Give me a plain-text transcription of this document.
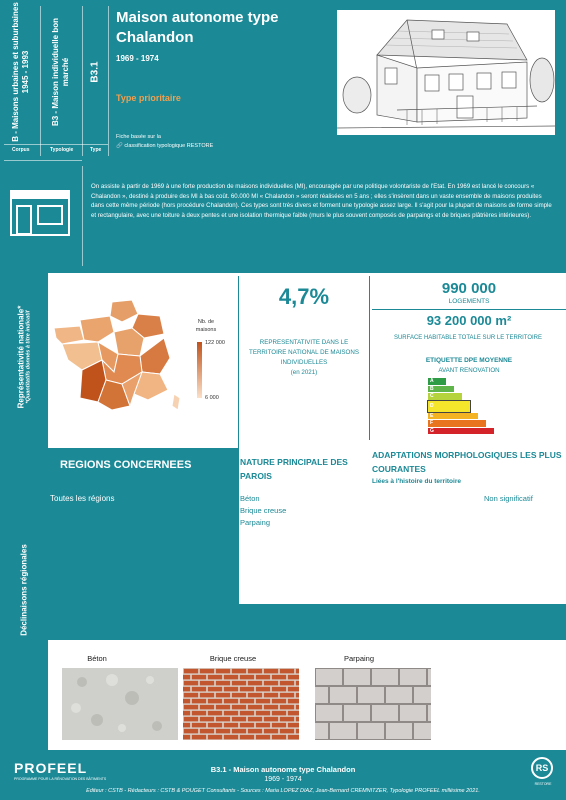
B - Maisons urbaines et suburbaines 1945 - 1993	B3 - Maison individuelle bon marché B3.1
Corpus	Typologie	Type
Maison autonome type Chalandon
1969 - 1974
Type prioritaire
Fiche basée sur la
🔗 classification typologique RESTORE
On assiste à partir de 1969 à une forte production de maisons individuelles (MI), encouragée par une politique volontariste de l'Etat. En 1969 est lancé le concours « Chalandon », destiné à produire des MI à bas coût. 60.000 MI « Chalandon » seront réalisées en 5 ans ; elles s'insèrent dans un vaste ensemble de maisons produites dans cette même période (hors procédure Chalandon). Ces types sont très divers et forment une typologie assez large. Il s'agit pour la plupart de maisons de forme simple et rectangulaire, avec une toiture à deux pentes et une isolation thermique faible (murs le plus souvent composés de parpaings et de briques plâtrières intérieures).
Représentativité nationale* *Quantitatifs donnés à titre indicatif	Nb. de maisons
122 000
6 000
4,7%
REPRESENTATIVITE DANS LE TERRITOIRE NATIONAL DE MAISONS INDIVIDUELLES
(en 2021)
990 000
LOGEMENTS
93 200 000 m²
SURFACE HABITABLE TOTALE SUR LE TERRITOIRE
ETIQUETTE DPE MOYENNE
AVANT RENOVATION
A
B
C
D
E
F
G
Déclinaisons régionales
REGIONS CONCERNEES
Toutes les régions
NATURE PRINCIPALE DES PAROIS
Béton
Brique creuse
Parpaing
ADAPTATIONS MORPHOLOGIQUES LES PLUS COURANTES
Liées à l'histoire du territoire
Non significatif
Béton	Brique creuse	Parpaing
PROFEEL
PROGRAMME POUR LA RÉNOVATION DES BÂTIMENTS
B3.1 - Maison autonome type Chalandon
1969 - 1974
Editeur : CSTB - Rédacteurs : CSTB & POUGET Consultants - Sources : Maria LOPEZ DIAZ, Jean-Bernard CREMNITZER, Typologie PROFEEL millésime 2021.
RS
RESTORE
